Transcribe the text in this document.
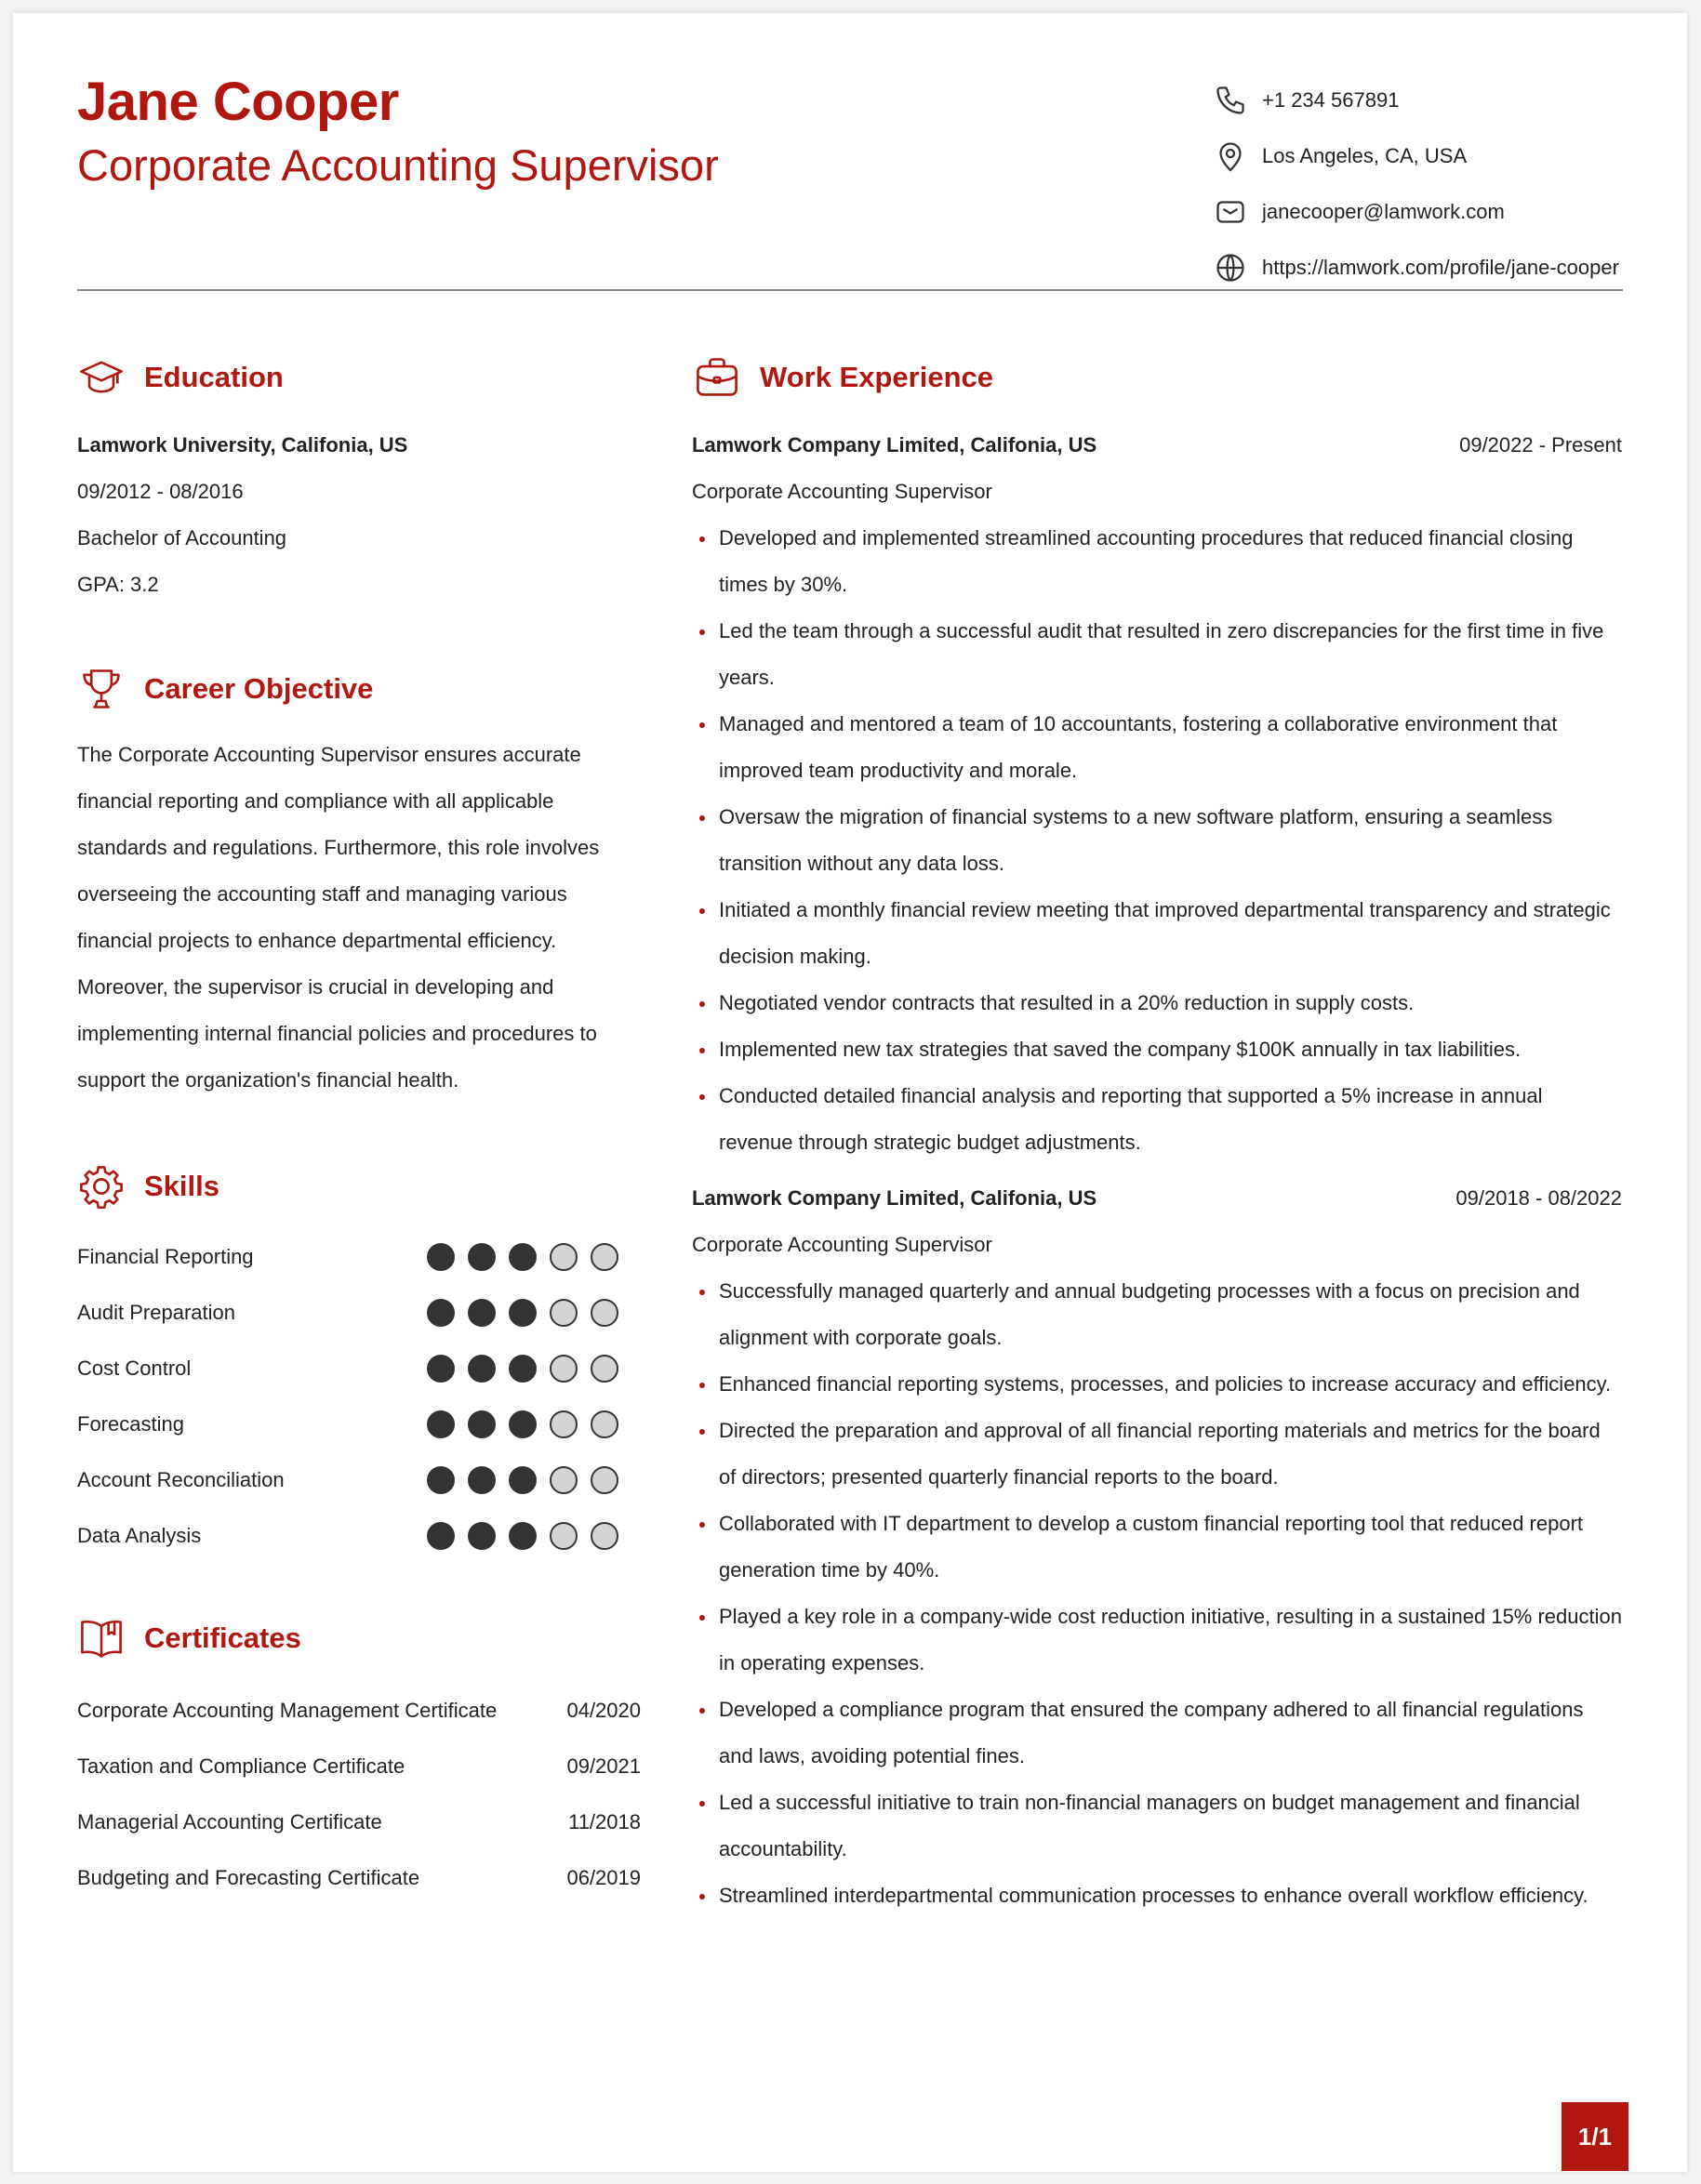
Jane Cooper
Corporate Accounting Supervisor
+1 234 567891
Los Angeles, CA, USA
janecooper@lamwork.com
https://lamwork.com/profile/jane-cooper
Education
Lamwork University, Califonia, US
09/2012 - 08/2016
Bachelor of Accounting
GPA: 3.2
Career Objective
The Corporate Accounting Supervisor ensures accurate financial reporting and compliance with all applicable standards and regulations. Furthermore, this role involves overseeing the accounting staff and managing various financial projects to enhance departmental efficiency. Moreover, the supervisor is crucial in developing and implementing internal financial policies and procedures to support the organization's financial health.
Skills
Financial Reporting
Audit Preparation
Cost Control
Forecasting
Account Reconciliation
Data Analysis
Certificates
Corporate Accounting Management Certificate	04/2020
Taxation and Compliance Certificate	09/2021
Managerial Accounting Certificate	11/2018
Budgeting and Forecasting Certificate	06/2019
Work Experience
Lamwork Company Limited, Califonia, US	09/2022 - Present
Corporate Accounting Supervisor
Developed and implemented streamlined accounting procedures that reduced financial closing times by 30%.
Led the team through a successful audit that resulted in zero discrepancies for the first time in five years.
Managed and mentored a team of 10 accountants, fostering a collaborative environment that improved team productivity and morale.
Oversaw the migration of financial systems to a new software platform, ensuring a seamless transition without any data loss.
Initiated a monthly financial review meeting that improved departmental transparency and strategic decision making.
Negotiated vendor contracts that resulted in a 20% reduction in supply costs.
Implemented new tax strategies that saved the company $100K annually in tax liabilities.
Conducted detailed financial analysis and reporting that supported a 5% increase in annual revenue through strategic budget adjustments.
Lamwork Company Limited, Califonia, US	09/2018 - 08/2022
Corporate Accounting Supervisor
Successfully managed quarterly and annual budgeting processes with a focus on precision and alignment with corporate goals.
Enhanced financial reporting systems, processes, and policies to increase accuracy and efficiency.
Directed the preparation and approval of all financial reporting materials and metrics for the board of directors; presented quarterly financial reports to the board.
Collaborated with IT department to develop a custom financial reporting tool that reduced report generation time by 40%.
Played a key role in a company-wide cost reduction initiative, resulting in a sustained 15% reduction in operating expenses.
Developed a compliance program that ensured the company adhered to all financial regulations and laws, avoiding potential fines.
Led a successful initiative to train non-financial managers on budget management and financial accountability.
Streamlined interdepartmental communication processes to enhance overall workflow efficiency.
1/1
